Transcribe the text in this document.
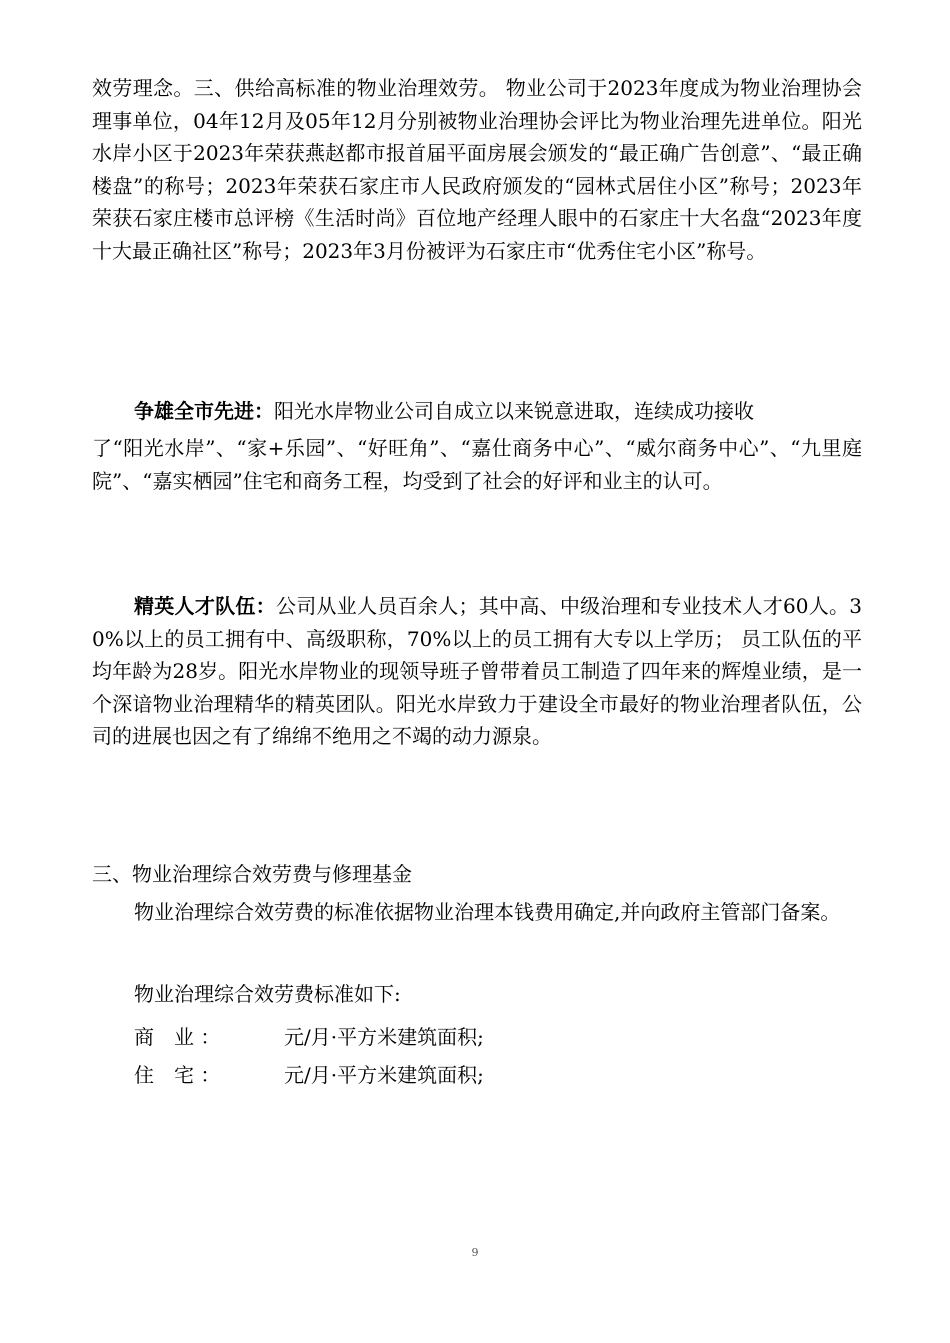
效劳理念。三、供给高标准的物业治理效劳。 物业公司于2023年度成为物业治理协会理事单位，04年12月及05年12月分别被物业治理协会评比为物业治理先进单位。阳光水岸小区于2023年荣获燕赵都市报首届平面房展会颁发的“最正确广告创意”、“最正确楼盘”的称号；2023年荣获石家庄市人民政府颁发的“园林式居住小区”称号；2023年荣获石家庄楼市总评榜《生活时尚》百位地产经理人眼中的石家庄十大名盘“2023年度十大最正确社区”称号；2023年3月份被评为石家庄市“优秀住宅小区”称号。

争雄全市先进：阳光水岸物业公司自成立以来锐意进取，连续成功接收

了“阳光水岸”、“家+乐园”、“好旺角”、“嘉仕商务中心”、“威尔商务中心”、“九里庭院”、“嘉实栖园”住宅和商务工程，均受到了社会的好评和业主的认可。

精英人才队伍：公司从业人员百余人；其中高、中级治理和专业技术人才60人。30%以上的员工拥有中、高级职称，70%以上的员工拥有大专以上学历； 员工队伍的平均年龄为28岁。阳光水岸物业的现领导班子曾带着员工制造了四年来的辉煌业绩，是一个深谙物业治理精华的精英团队。阳光水岸致力于建设全市最好的物业治理者队伍，公司的进展也因之有了绵绵不绝用之不竭的动力源泉。

三、物业治理综合效劳费与修理基金

物业治理综合效劳费的标准依据物业治理本钱费用确定,并向政府主管部门备案。

物业治理综合效劳费标准如下:

商　业 ：	元/月·平方米建筑面积;
住　宅 ：	元/月·平方米建筑面积;
9
